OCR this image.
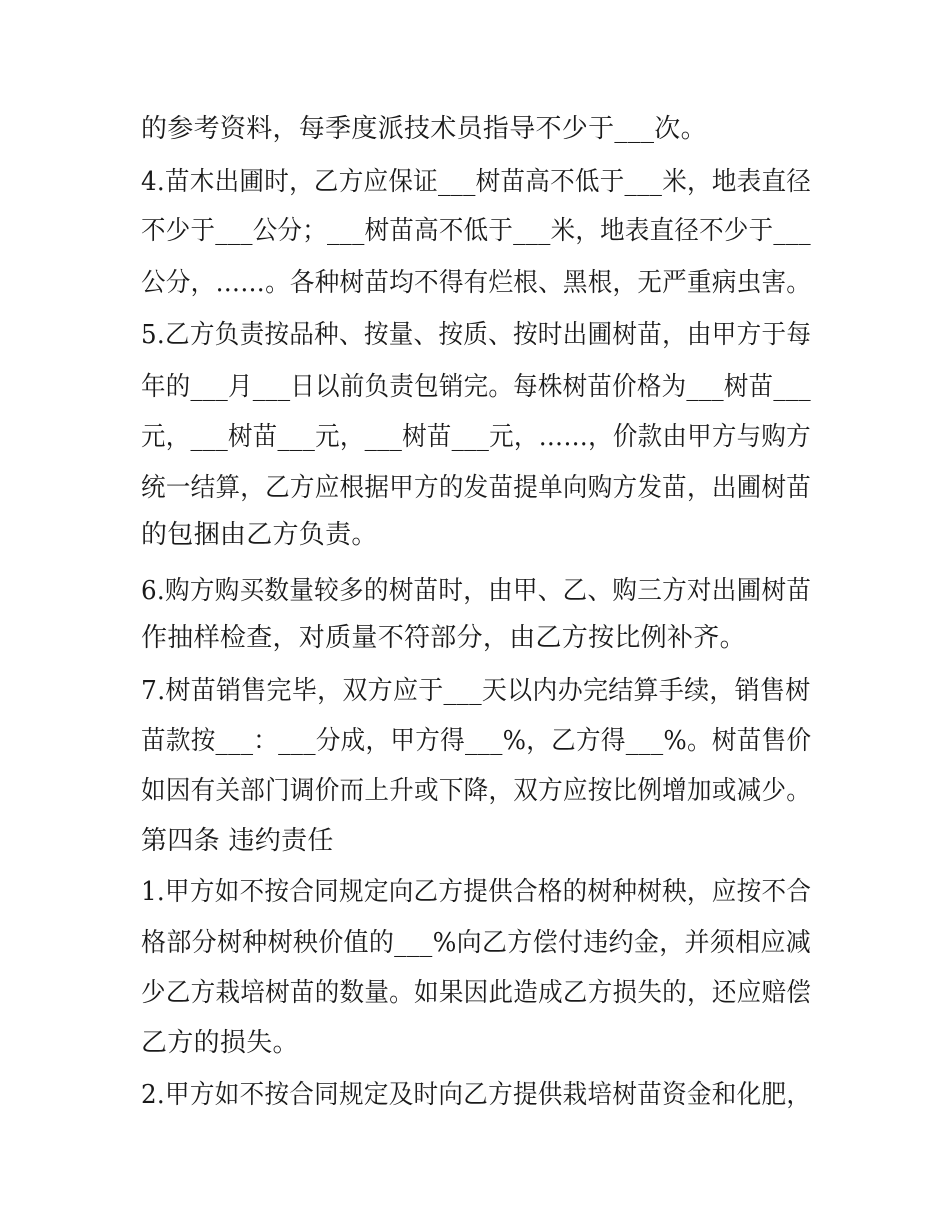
的参考资料，每季度派技术员指导不少于___次。
4.苗木出圃时，乙方应保证___树苗高不低于___米，地表直径
不少于___公分；___树苗高不低于___米，地表直径不少于___
公分，……。各种树苗均不得有烂根、黑根，无严重病虫害。
5.乙方负责按品种、按量、按质、按时出圃树苗，由甲方于每
年的___月___日以前负责包销完。每株树苗价格为___树苗___
元，___树苗___元，___树苗___元，……，价款由甲方与购方
统一结算，乙方应根据甲方的发苗提单向购方发苗，出圃树苗
的包捆由乙方负责。
6.购方购买数量较多的树苗时，由甲、乙、购三方对出圃树苗
作抽样检查，对质量不符部分，由乙方按比例补齐。
7.树苗销售完毕，双方应于___天以内办完结算手续，销售树
苗款按___：___分成，甲方得___%，乙方得___%。树苗售价
如因有关部门调价而上升或下降，双方应按比例增加或减少。
第四条 违约责任
1.甲方如不按合同规定向乙方提供合格的树种树秧，应按不合
格部分树种树秧价值的___%向乙方偿付违约金，并须相应减
少乙方栽培树苗的数量。如果因此造成乙方损失的，还应赔偿
乙方的损失。
2.甲方如不按合同规定及时向乙方提供栽培树苗资金和化肥，
